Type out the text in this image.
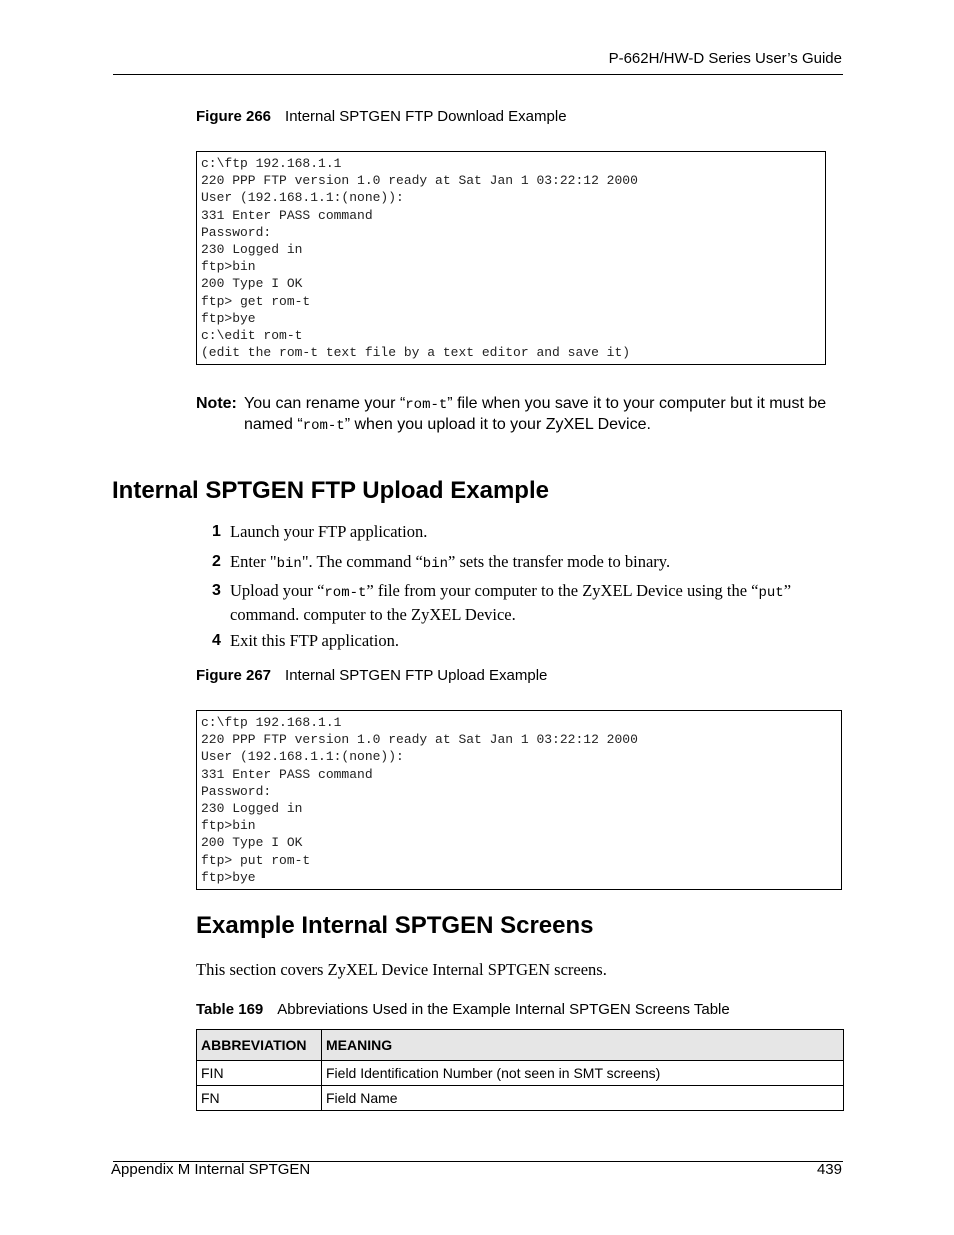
P-662H/HW-D Series User’s Guide
Figure 266 Internal SPTGEN FTP Download Example
c:\ftp 192.168.1.1
220 PPP FTP version 1.0 ready at Sat Jan 1 03:22:12 2000
User (192.168.1.1:(none)):
331 Enter PASS command
Password:
230 Logged in
ftp>bin
200 Type I OK
ftp> get rom-t
ftp>bye
c:\edit rom-t
(edit the rom-t text file by a text editor and save it)
Note: You can rename your “rom-t” file when you save it to your computer but it must be named “rom-t” when you upload it to your ZyXEL Device.
Internal SPTGEN FTP Upload Example
1 Launch your FTP application.
2 Enter "bin". The command “bin” sets the transfer mode to binary.
3 Upload your “rom-t” file from your computer to the ZyXEL Device using the “put” command. computer to the ZyXEL Device.
4 Exit this FTP application.
Figure 267 Internal SPTGEN FTP Upload Example
c:\ftp 192.168.1.1
220 PPP FTP version 1.0 ready at Sat Jan 1 03:22:12 2000
User (192.168.1.1:(none)):
331 Enter PASS command
Password:
230 Logged in
ftp>bin
200 Type I OK
ftp> put rom-t
ftp>bye
Example Internal SPTGEN Screens
This section covers ZyXEL Device Internal SPTGEN screens.
Table 169 Abbreviations Used in the Example Internal SPTGEN Screens Table
ABBREVIATION	MEANING
FIN	Field Identification Number (not seen in SMT screens)
FN	Field Name
Appendix M Internal SPTGEN	439
